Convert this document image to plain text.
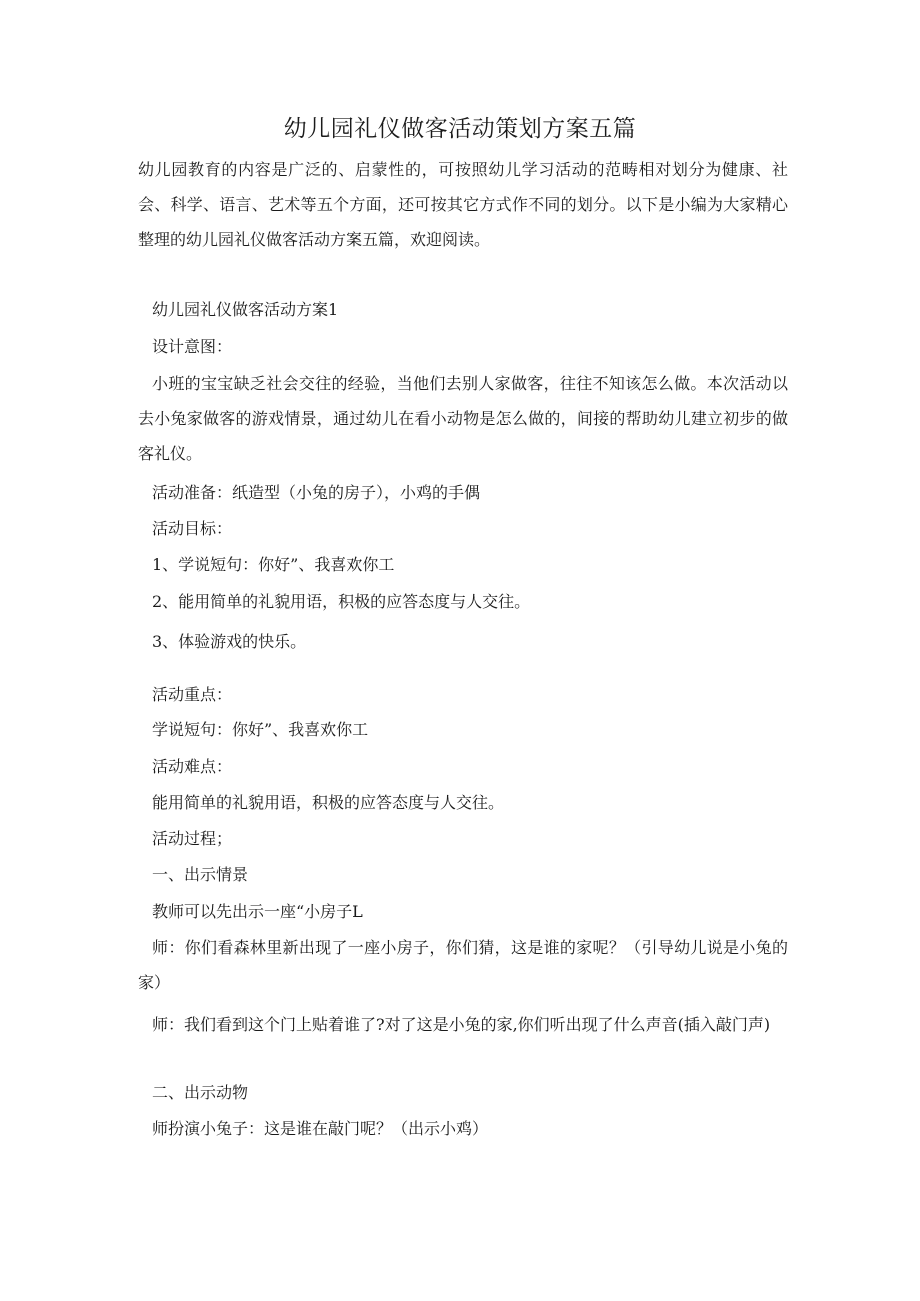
幼儿园礼仪做客活动策划方案五篇
幼儿园教育的内容是广泛的、启蒙性的，可按照幼儿学习活动的范畴相对划分为健康、社会、科学、语言、艺术等五个方面，还可按其它方式作不同的划分。以下是小编为大家精心整理的幼儿园礼仪做客活动方案五篇，欢迎阅读。
幼儿园礼仪做客活动方案1
设计意图：
小班的宝宝缺乏社会交往的经验，当他们去别人家做客，往往不知该怎么做。本次活动以去小兔家做客的游戏情景，通过幼儿在看小动物是怎么做的，间接的帮助幼儿建立初步的做客礼仪。
活动准备：纸造型（小兔的房子），小鸡的手偶
活动目标：
1、学说短句：你好”、我喜欢你工
2、能用简单的礼貌用语，积极的应答态度与人交往。
3、体验游戏的快乐。
活动重点：
学说短句：你好”、我喜欢你工
活动难点：
能用简单的礼貌用语，积极的应答态度与人交往。
活动过程；
一、出示情景
教师可以先出示一座“小房子L
师：你们看森林里新出现了一座小房子，你们猜，这是谁的家呢？（引导幼儿说是小兔的家）
师：我们看到这个门上贴着谁了?对了这是小兔的家,你们听出现了什么声音(插入敲门声)
二、出示动物
师扮演小兔子：这是谁在敲门呢？（出示小鸡）
